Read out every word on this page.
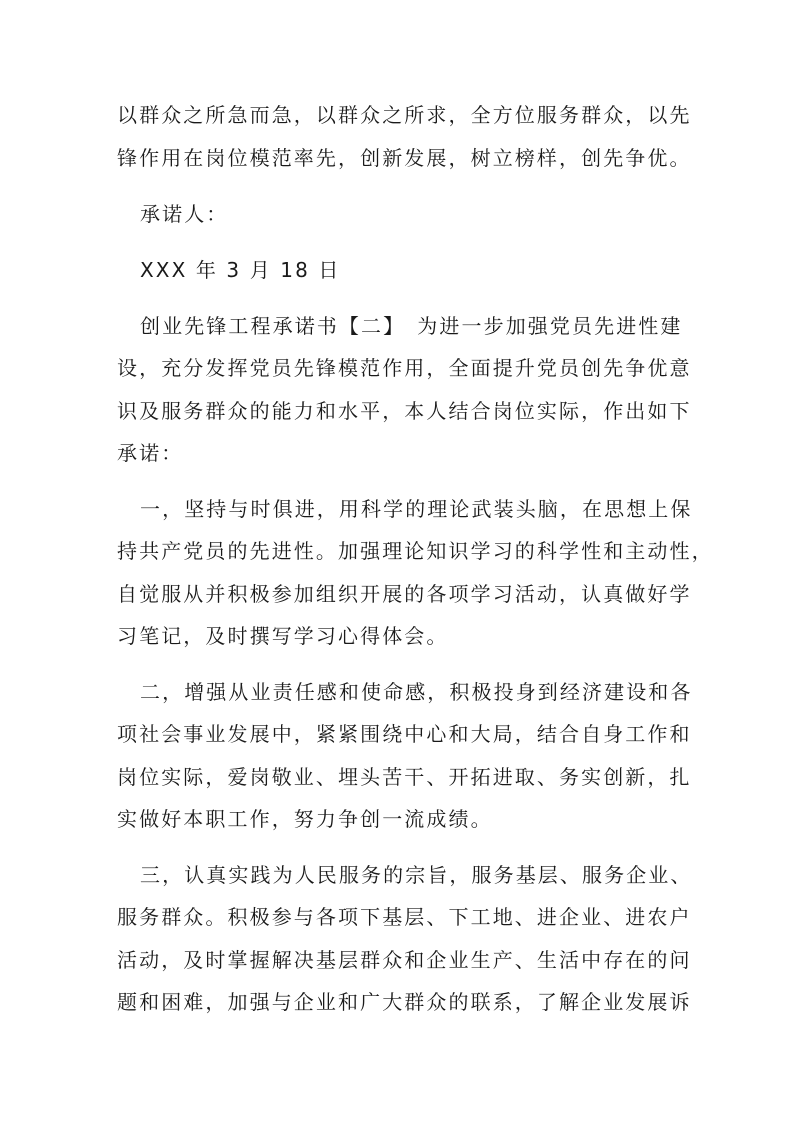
以群众之所急而急，以群众之所求，全方位服务群众，以先

锋作用在岗位模范率先，创新发展，树立榜样，创先争优。

承诺人：

XXX 年 3 月 18 日

创业先锋工程承诺书【二】　为进一步加强党员先进性建

设，充分发挥党员先锋模范作用，全面提升党员创先争优意

识及服务群众的能力和水平，本人结合岗位实际，作出如下

承诺：

一，坚持与时俱进，用科学的理论武装头脑，在思想上保

持共产党员的先进性。加强理论知识学习的科学性和主动性，

自觉服从并积极参加组织开展的各项学习活动，认真做好学

习笔记，及时撰写学习心得体会。

二，增强从业责任感和使命感，积极投身到经济建设和各

项社会事业发展中，紧紧围绕中心和大局，结合自身工作和

岗位实际，爱岗敬业、埋头苦干、开拓进取、务实创新，扎

实做好本职工作，努力争创一流成绩。

三，认真实践为人民服务的宗旨，服务基层、服务企业、

服务群众。积极参与各项下基层、下工地、进企业、进农户

活动，及时掌握解决基层群众和企业生产、生活中存在的问

题和困难，加强与企业和广大群众的联系，了解企业发展诉
